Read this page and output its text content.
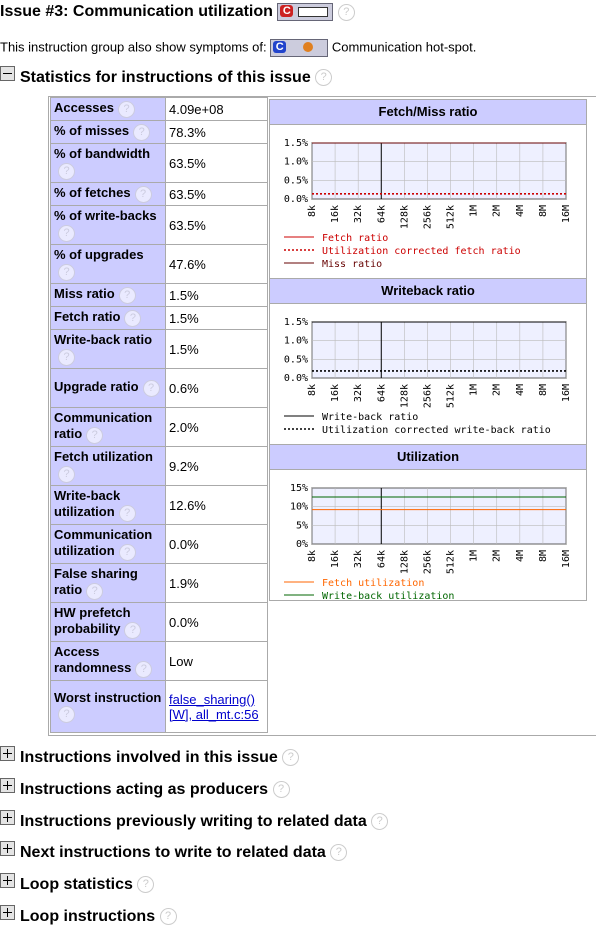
Issue #3: Communication utilization C	?
This instruction group also show symptoms of: C	Communication hot-spot.
Statistics for instructions of this issue ?
Accesses ?	4.09e+08
% of misses ?	78.3%
% of bandwidth?	63.5%
% of fetches ?	63.5%
% of write-backs?	63.5%
% of upgrades?	47.6%
Miss ratio ?	1.5%
Fetch ratio ?	1.5%
Write-back ratio?	1.5%
Upgrade ratio ?	0.6%
Communication ratio ?	2.0%
Fetch utilization?	9.2%
Write-back utilization ?	12.6%
Communication utilization ?	0.0%
False sharing ratio ?	1.9%
HW prefetch probability ?	0.0%
Access randomness ?	Low
Worst instruction?	false_sharing() [W], all_mt.c:56
Fetch/Miss ratio
0.0%
0.5%
1.0%
1.5%
8k 16k 32k 64k 128k 256k 512k 1M 2M 4M 8M 16M
Fetch ratio
Utilization corrected fetch ratio
Miss ratio
Writeback ratio
0.0%
0.5%
1.0%
1.5%
8k 16k 32k 64k 128k 256k 512k 1M 2M 4M 8M 16M
Write-back ratio
Utilization corrected write-back ratio
Utilization
0%
5%
10%
15%
8k 16k 32k 64k 128k 256k 512k 1M 2M 4M 8M 16M
Fetch utilization
Write-back utilization
Instructions involved in this issue ?
Instructions acting as producers ?
Instructions previously writing to related data ?
Next instructions to write to related data ?
Loop statistics ?
Loop instructions ?
